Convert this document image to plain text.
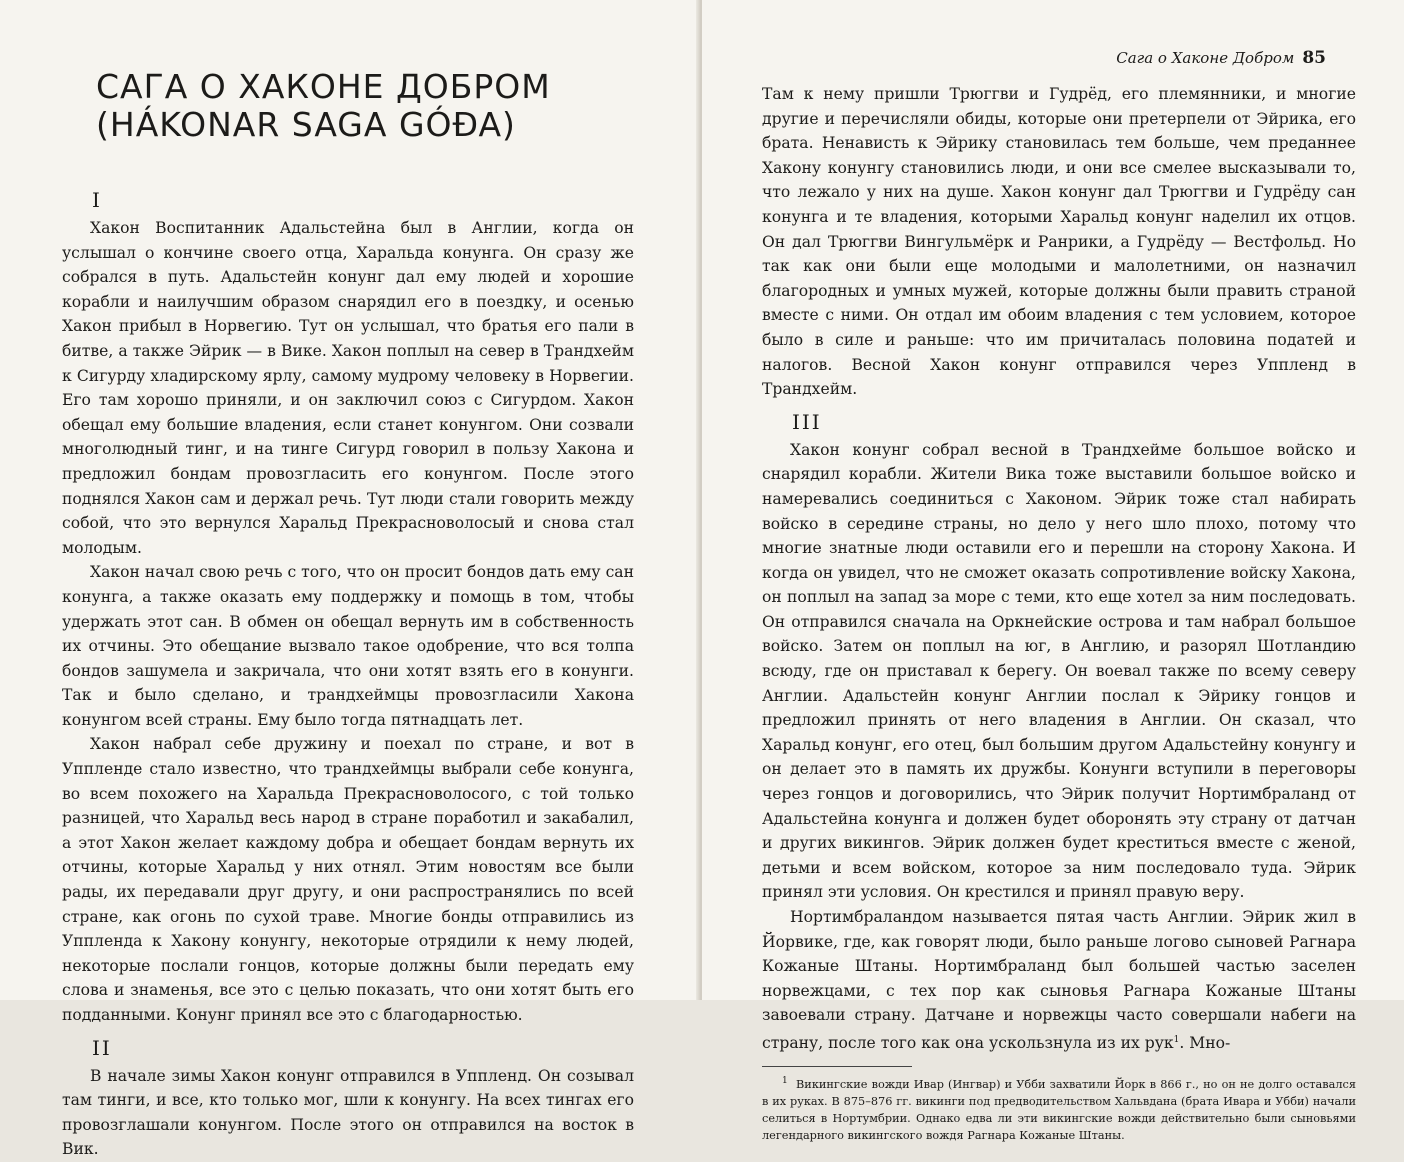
САГА О ХАКОНЕ ДОБРОМ
(HÁKONAR SAGA GÓÐA)
I

Хакон Воспитанник Адальстейна был в Англии, когда он услышал о кончине своего отца, Харальда конунга. Он сразу же собрался в путь. Адальстейн конунг дал ему людей и хорошие корабли и наилучшим образом снарядил его в поездку, и осенью Хакон прибыл в Норвегию. Тут он услышал, что братья его пали в битве, а также Эйрик — в Вике. Хакон поплыл на север в Трандхейм к Сигурду хладирскому ярлу, самому мудрому человеку в Норвегии. Его там хорошо приняли, и он заключил союз с Сигурдом. Хакон обещал ему большие владения, если станет конунгом. Они созвали многолюдный тинг, и на тинге Сигурд говорил в пользу Хакона и предложил бондам провозгласить его конунгом. После этого поднялся Хакон сам и держал речь. Тут люди стали говорить между собой, что это вернулся Харальд Прекрасноволосый и снова стал молодым.

Хакон начал свою речь с того, что он просит бондов дать ему сан конунга, а также оказать ему поддержку и помощь в том, чтобы удержать этот сан. В обмен он обещал вернуть им в собственность их отчины. Это обещание вызвало такое одобрение, что вся толпа бондов зашумела и закричала, что они хотят взять его в конунги. Так и было сделано, и трандхеймцы провозгласили Хакона конунгом всей страны. Ему было тогда пятнадцать лет.

Хакон набрал себе дружину и поехал по стране, и вот в Уппленде стало известно, что трандхеймцы выбрали себе конунга, во всем похожего на Харальда Прекрасноволосого, с той только разницей, что Харальд весь народ в стране поработил и закабалил, а этот Хакон желает каждому добра и обещает бондам вернуть их отчины, которые Харальд у них отнял. Этим новостям все были рады, их передавали друг другу, и они распространялись по всей стране, как огонь по сухой траве. Многие бонды отправились из Уппленда к Хакону конунгу, некоторые отрядили к нему людей, некоторые послали гонцов, которые должны были передать ему слова и знаменья, все это с целью показать, что они хотят быть его подданными. Конунг принял все это с благодарностью.

II

В начале зимы Хакон конунг отправился в Уппленд. Он созывал там тинги, и все, кто только мог, шли к конунгу. На всех тингах его провозглашали конунгом. После этого он отправился на восток в Вик.

Сага о Хаконе Добром 85

Там к нему пришли Трюггви и Гудрёд, его племянники, и многие другие и перечисляли обиды, которые они претерпели от Эйрика, его брата. Ненависть к Эйрику становилась тем больше, чем преданнее Хакону конунгу становились люди, и они все смелее высказывали то, что лежало у них на душе. Хакон конунг дал Трюггви и Гудрёду сан конунга и те владения, которыми Харальд конунг наделил их отцов. Он дал Трюггви Вингульмёрк и Ранрики, а Гудрёду — Вестфольд. Но так как они были еще молодыми и малолетними, он назначил благородных и умных мужей, которые должны были править страной вместе с ними. Он отдал им обоим владения с тем условием, которое было в силе и раньше: что им причиталась половина податей и налогов. Весной Хакон конунг отправился через Уппленд в Трандхейм.

III

Хакон конунг собрал весной в Трандхейме большое войско и снарядил корабли. Жители Вика тоже выставили большое войско и намеревались соединиться с Хаконом. Эйрик тоже стал набирать войско в середине страны, но дело у него шло плохо, потому что многие знатные люди оставили его и перешли на сторону Хакона. И когда он увидел, что не сможет оказать сопротивление войску Хакона, он поплыл на запад за море с теми, кто еще хотел за ним последовать. Он отправился сначала на Оркнейские острова и там набрал большое войско. Затем он поплыл на юг, в Англию, и разорял Шотландию всюду, где он приставал к берегу. Он воевал также по всему северу Англии. Адальстейн конунг Англии послал к Эйрику гонцов и предложил принять от него владения в Англии. Он сказал, что Харальд конунг, его отец, был большим другом Адальстейну конунгу и он делает это в память их дружбы. Конунги вступили в переговоры через гонцов и договорились, что Эйрик получит Нортимбраланд от Адальстейна конунга и должен будет оборонять эту страну от датчан и других викингов. Эйрик должен будет креститься вместе с женой, детьми и всем войском, которое за ним последовало туда. Эйрик принял эти условия. Он крестился и принял правую веру.

Нортимбраландом называется пятая часть Англии. Эйрик жил в Йорвике, где, как говорят люди, было раньше логово сыновей Рагнара Кожаные Штаны. Нортимбраланд был большей частью заселен норвежцами, с тех пор как сыновья Рагнара Кожаные Штаны завоевали страну. Датчане и норвежцы часто совершали набеги на страну, после того как она ускользнула из их рук$^1$. Мно-

$^1$ Викингские вожди Ивар (Ингвар) и Убби захватили Йорк в 866 г., но он не долго оставался в их руках. В 875–876 гг. викинги под предводительством Хальвдана (брата Ивара и Убби) начали селиться в Нортумбрии. Однако едва ли эти викингские вожди действительно были сыновьями легендарного викингского вождя Рагнара Кожаные Штаны.
